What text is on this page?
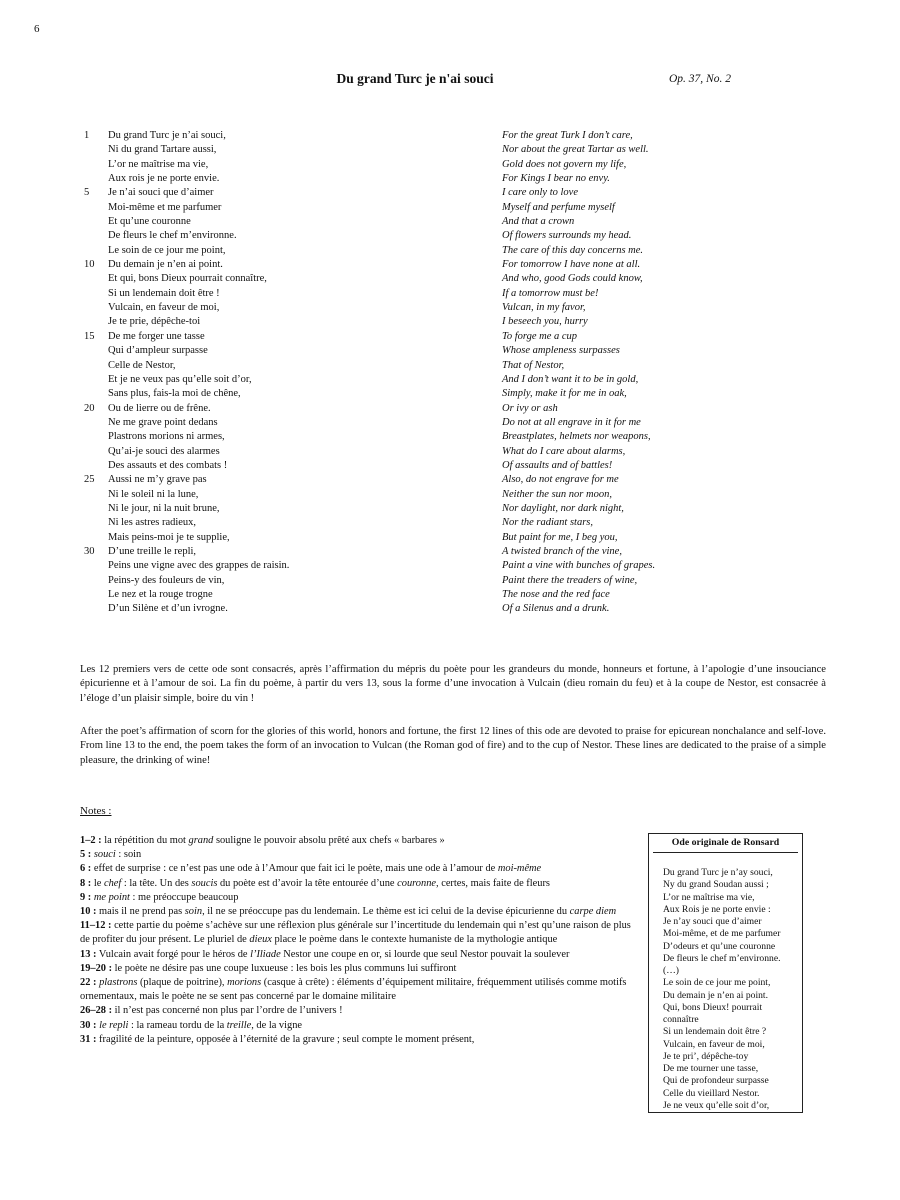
6
Du grand Turc je n'ai souci	Op. 37, No. 2
1	Du grand Turc je n’ai souci,	For the great Turk I don’t care,
Ni du grand Tartare aussi,	Nor about the great Tartar as well.
L’or ne maîtrise ma vie,	Gold does not govern my life,
Aux rois je ne porte envie.	For Kings I bear no envy.
5	Je n’ai souci que d’aimer	I care only to love
Moi-même et me parfumer	Myself and perfume myself
Et qu’une couronne	And that a crown
De fleurs le chef m’environne.	Of flowers surrounds my head.
Le soin de ce jour me point,	The care of this day concerns me.
10	Du demain je n’en ai point.	For tomorrow I have none at all.
Et qui, bons Dieux pourrait connaître,	And who, good Gods could know,
Si un lendemain doit être !	If a tomorrow must be!
Vulcain, en faveur de moi,	Vulcan, in my favor,
Je te prie, dépêche-toi	I beseech you, hurry
15	De me forger une tasse	To forge me a cup
Qui d’ampleur surpasse	Whose ampleness surpasses
Celle de Nestor,	That of Nestor,
Et je ne veux pas qu’elle soit d’or,	And I don’t want it to be in gold,
Sans plus, fais-la moi de chêne,	Simply, make it for me in oak,
20	Ou de lierre ou de frêne.	Or ivy or ash
Ne me grave point dedans	Do not at all engrave in it for me
Plastrons morions ni armes,	Breastplates, helmets nor weapons,
Qu’ai-je souci des alarmes	What do I care about alarms,
Des assauts et des combats !	Of assaults and of battles!
25	Aussi ne m’y grave pas	Also, do not engrave for me
Ni le soleil ni la lune,	Neither the sun nor moon,
Ni le jour, ni la nuit brune,	Nor daylight, nor dark night,
Ni les astres radieux,	Nor the radiant stars,
Mais peins-moi je te supplie,	But paint for me, I beg you,
30	D’une treille le repli,	A twisted branch of the vine,
Peins une vigne avec des grappes de raisin.	Paint a vine with bunches of grapes.
Peins-y des fouleurs de vin,	Paint there the treaders of wine,
Le nez et la rouge trogne	The nose and the red face
D’un Silène et d’un ivrogne.	Of a Silenus and a drunk.
Les 12 premiers vers de cette ode sont consacrés, après l’affirmation du mépris du poète pour les grandeurs du monde, honneurs et fortune, à l’apologie d’une insouciance épicurienne et à l’amour de soi. La fin du poème, à partir du vers 13, sous la forme d’une invocation à Vulcain (dieu romain du feu) et à la coupe de Nestor, est consacrée à l’éloge d’un plaisir simple, boire du vin !
After the poet’s affirmation of scorn for the glories of this world, honors and fortune, the first 12 lines of this ode are devoted to praise for epicurean nonchalance and self-love. From line 13 to the end, the poem takes the form of an invocation to Vulcan (the Roman god of fire) and to the cup of Nestor. These lines are dedicated to the praise of a simple pleasure, the drinking of wine!
Notes :
1–2 : la répétition du mot grand souligne le pouvoir absolu prêté aux chefs « barbares »
5 : souci : soin
6 : effet de surprise : ce n’est pas une ode à l’Amour que fait ici le poète, mais une ode à l’amour de moi-même
8 : le chef : la tête. Un des soucis du poète est d’avoir la tête entourée d’une couronne, certes, mais faite de fleurs
9 : me point : me préoccupe beaucoup
10 : mais il ne prend pas soin, il ne se préoccupe pas du lendemain. Le thème est ici celui de la devise épicurienne du carpe diem
11–12 : cette partie du poème s’achève sur une réflexion plus générale sur l’incertitude du lendemain qui n’est qu’une raison de plus de profiter du jour présent. Le pluriel de dieux place le poème dans le contexte humaniste de la mythologie antique
13 : Vulcain avait forgé pour le héros de l’Iliade Nestor une coupe en or, si lourde que seul Nestor pouvait la soulever
19–20 : le poète ne désire pas une coupe luxueuse : les bois les plus communs lui suffiront
22 : plastrons (plaque de poitrine), morions (casque à crête) : éléments d’équipement militaire, fréquemment utilisés comme motifs ornementaux, mais le poète ne se sent pas concerné par le domaine militaire
26–28 : il n’est pas concerné non plus par l’ordre de l’univers !
30 : le repli : la rameau tordu de la treille, de la vigne
31 : fragilité de la peinture, opposée à l’éternité de la gravure ; seul compte le moment présent,
Ode originale de Ronsard
Du grand Turc je n’ay souci,
Ny du grand Soudan aussi ;
L’or ne maîtrise ma vie,
Aux Rois je ne porte envie :
Je n’ay souci que d’aimer
Moi-même, et de me parfumer
D’odeurs et qu’une couronne
De fleurs le chef m’environne.
(…)
Le soin de ce jour me point,
Du demain je n’en ai point.
Qui, bons Dieux! pourrait
connaître
Si un lendemain doit être ?
Vulcain, en faveur de moi,
Je te pri’, dépêche-toy
De me tourner une tasse,
Qui de profondeur surpasse
Celle du vieillard Nestor.
Je ne veux qu’elle soit d’or,
